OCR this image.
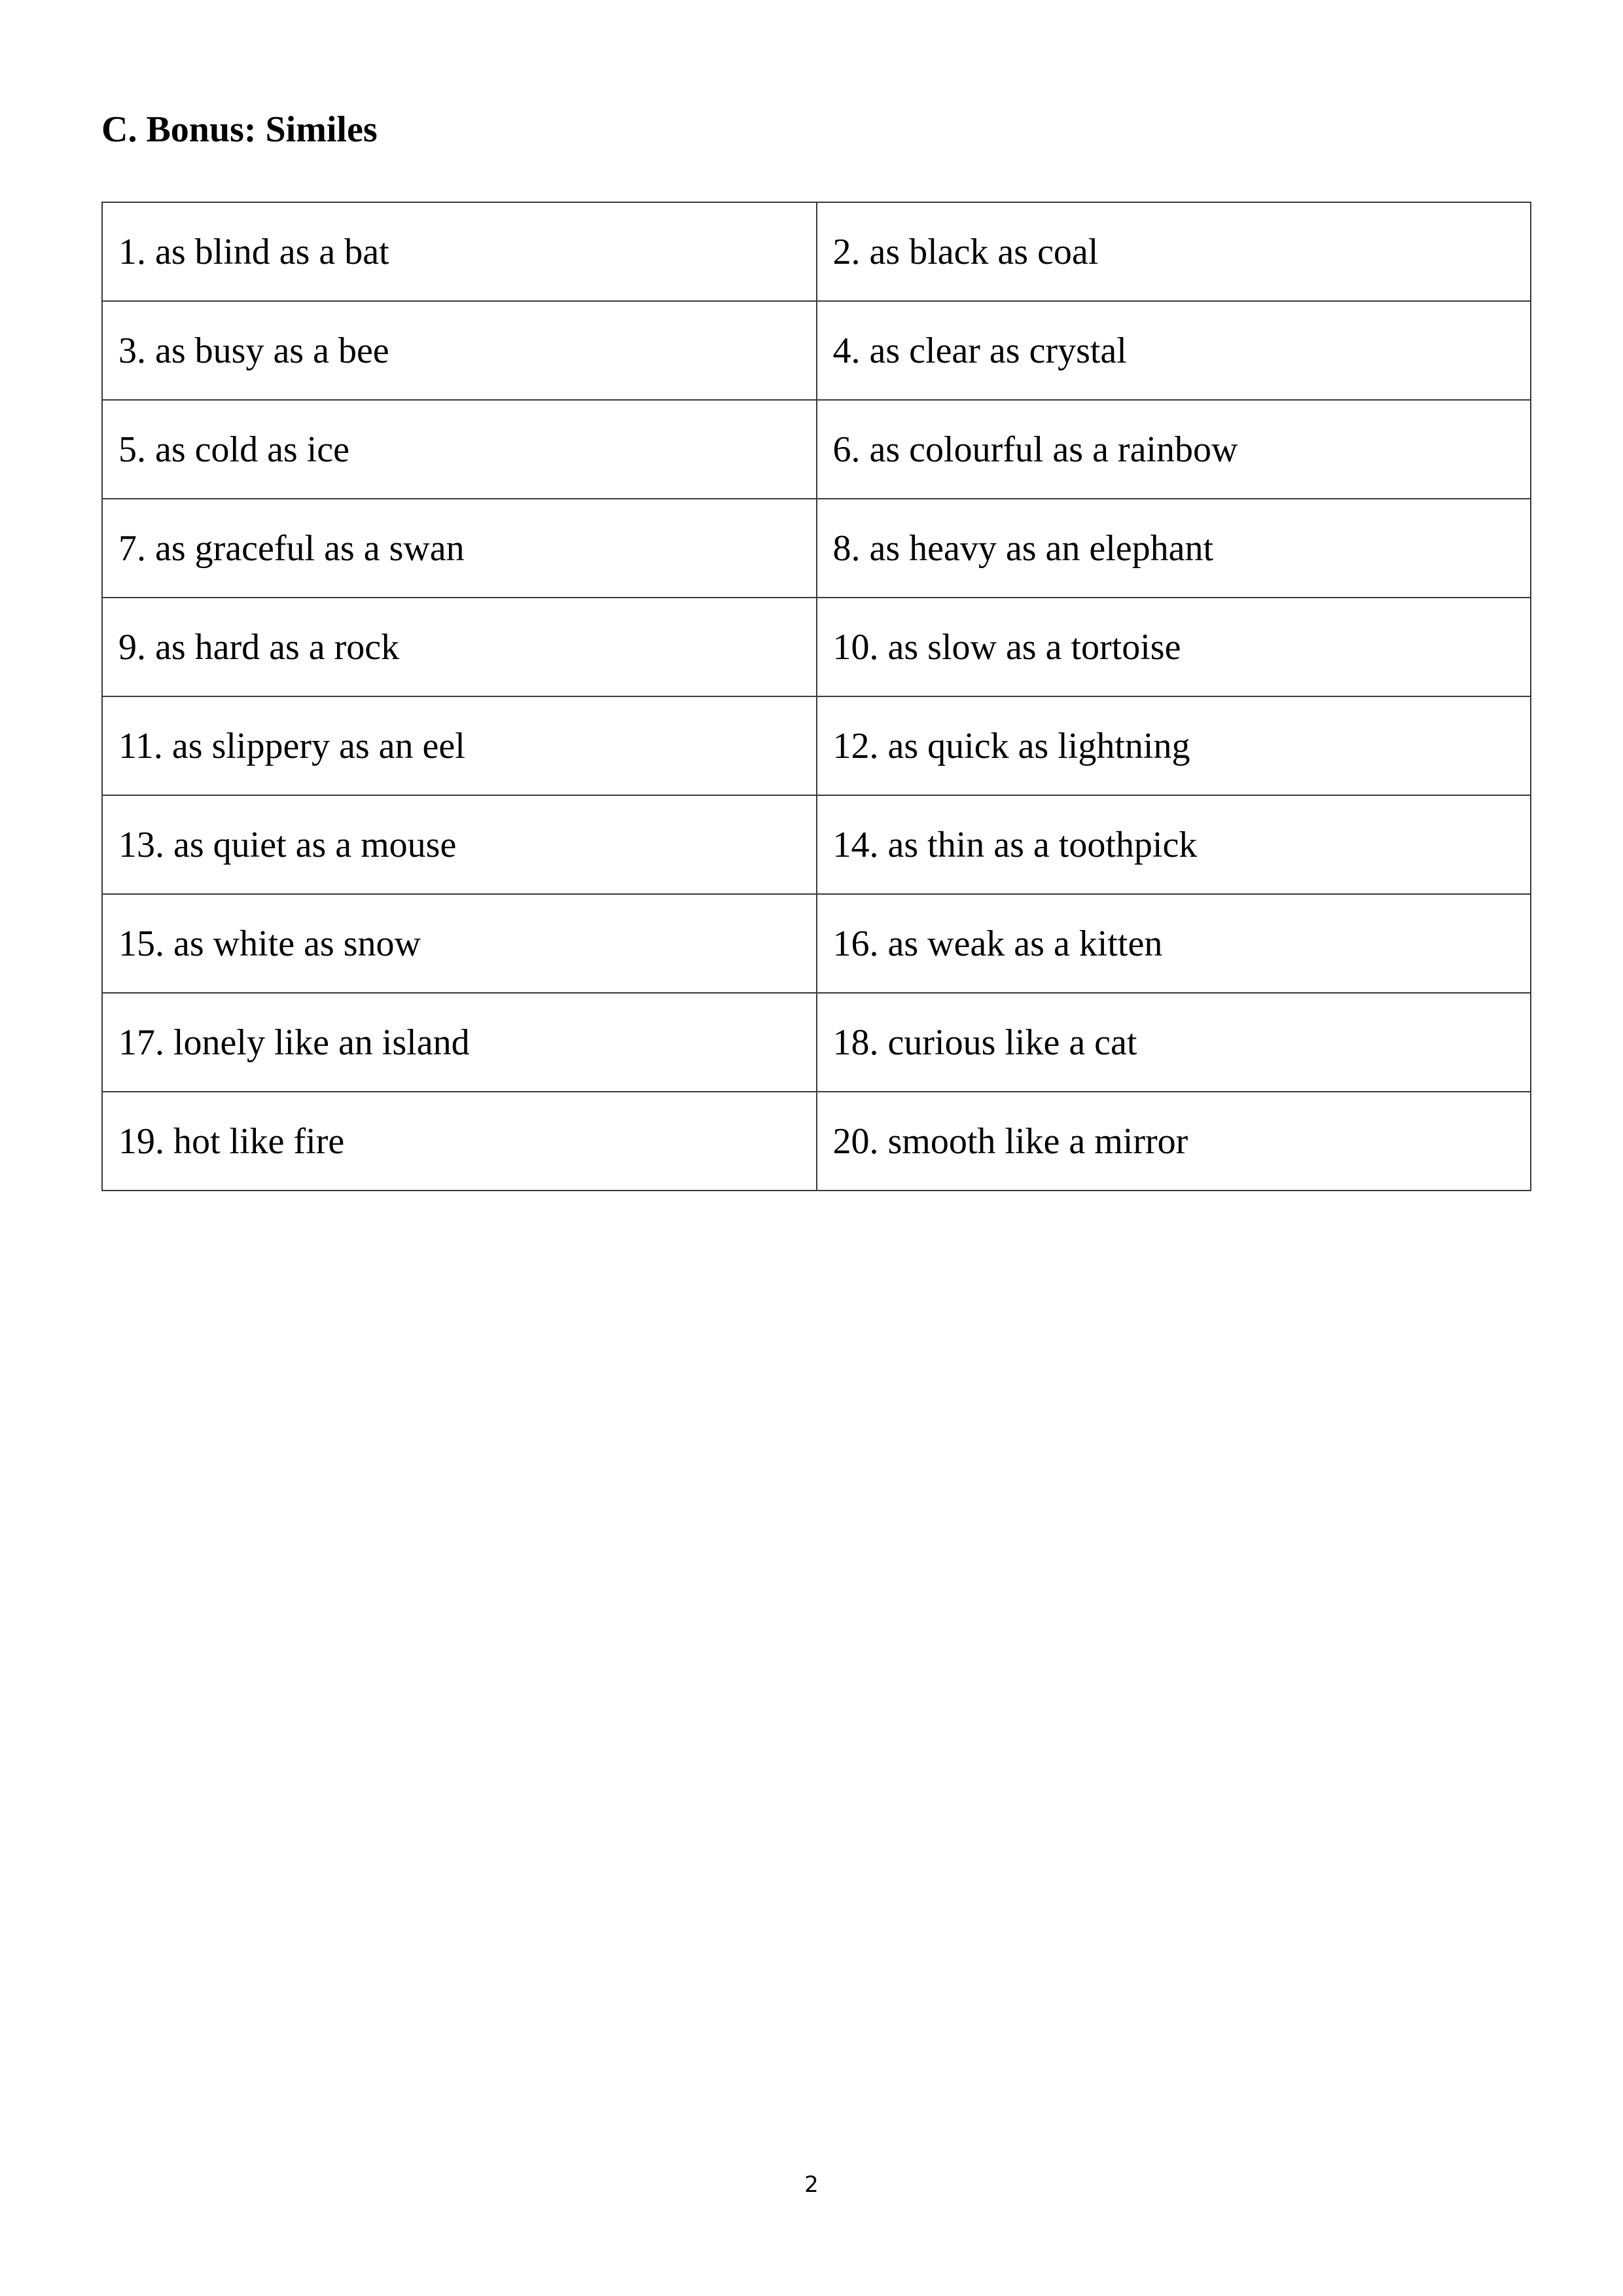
C. Bonus: Similes
1. as blind as a bat	2. as black as coal
3. as busy as a bee	4. as clear as crystal
5. as cold as ice	6. as colourful as a rainbow
7. as graceful as a swan	8. as heavy as an elephant
9. as hard as a rock	10. as slow as a tortoise
11. as slippery as an eel	12. as quick as lightning
13. as quiet as a mouse	14. as thin as a toothpick
15. as white as snow	16. as weak as a kitten
17. lonely like an island	18. curious like a cat
19. hot like fire	20. smooth like a mirror
2
